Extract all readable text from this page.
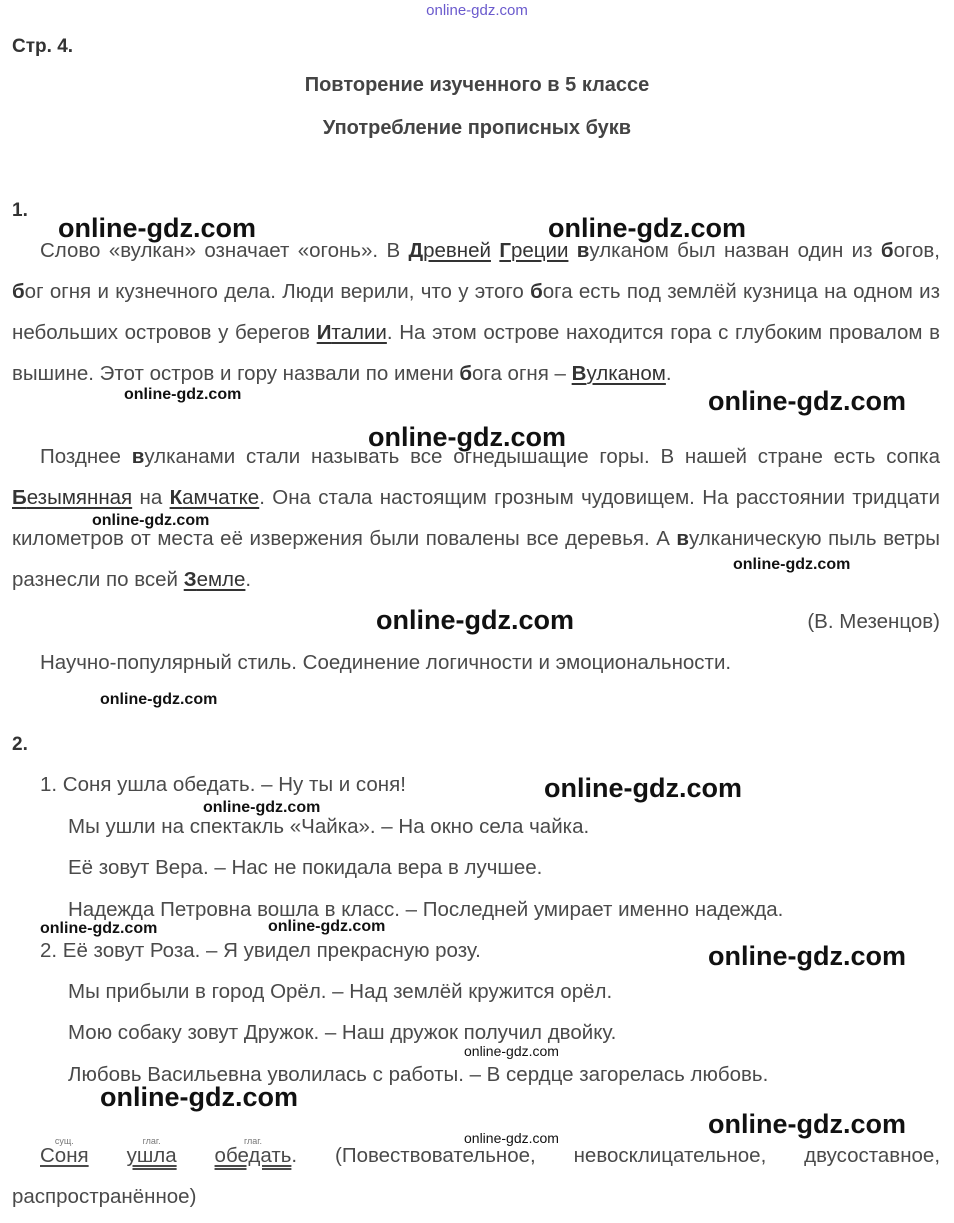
online-gdz.com
Стр. 4.
Повторение изученного в 5 классе
Употребление прописных букв
1.
Слово «вулкан» означает «огонь». В Древней Греции вулканом был назван один из богов, бог огня и кузнечного дела. Люди верили, что у этого бога есть под землёй кузница на одном из небольших островов у берегов Италии. На этом острове находится гора с глубоким провалом в вышине. Этот остров и гору назвали по имени бога огня – Вулканом.
Позднее вулканами стали называть все огнедышащие горы. В нашей стране есть сопка Безымянная на Камчатке. Она стала настоящим грозным чудовищем. На расстоянии тридцати километров от места её извержения были повалены все деревья. А вулканическую пыль ветры разнесли по всей Земле.
(В. Мезенцов)
Научно-популярный стиль. Соединение логичности и эмоциональности.
2.
1. Соня ушла обедать. – Ну ты и соня!
Мы ушли на спектакль «Чайка». – На окно села чайка.
Её зовут Вера. – Нас не покидала вера в лучшее.
Надежда Петровна вошла в класс. – Последней умирает именно надежда.
2. Её зовут Роза. – Я увидел прекрасную розу.
Мы прибыли в город Орёл. – Над землёй кружится орёл.
Мою собаку зовут Дружок. – Наш дружок получил двойку.
Любовь Васильевна уволилась с работы. – В сердце загорелась любовь.
сущ.
Соня
глаг.
ушла
глаг.
обедать. (Повествовательное, невосклицательное, двусоставное, распространённое)
online-gdz.com	online-gdz.com
online-gdz.com
online-gdz.com
online-gdz.com
online-gdz.com
online-gdz.com
online-gdz.com
online-gdz.com
online-gdz.com
online-gdz.com
online-gdz.com	online-gdz.com
online-gdz.com
online-gdz.com
online-gdz.com
online-gdz.com
online-gdz.com
